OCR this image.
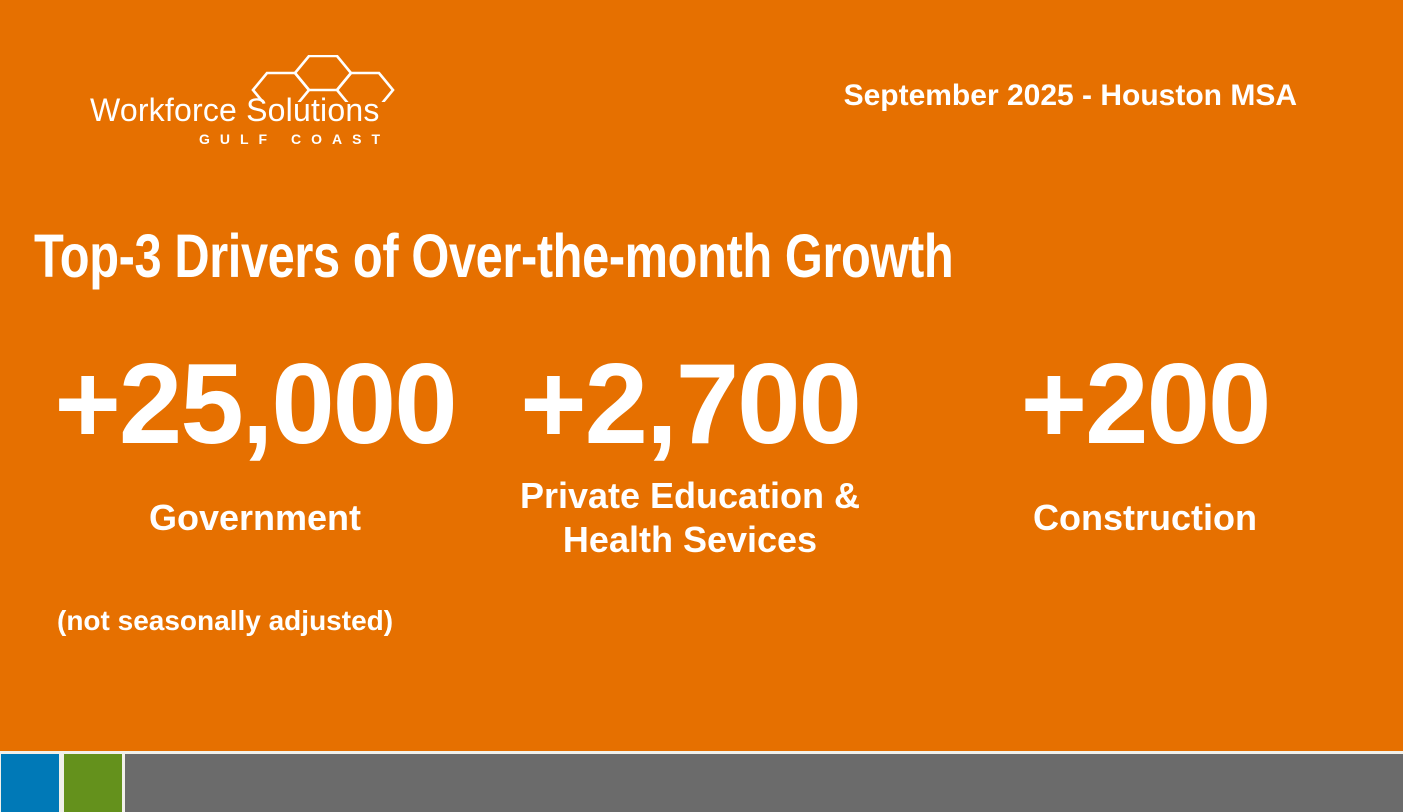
Workforce Solutions
GULF COAST
September 2025 - Houston MSA
Top-3 Drivers of Over-the-month Growth
+25,000
Government
+2,700
Private Education & Health Sevices
+200
Construction
(not seasonally adjusted)
